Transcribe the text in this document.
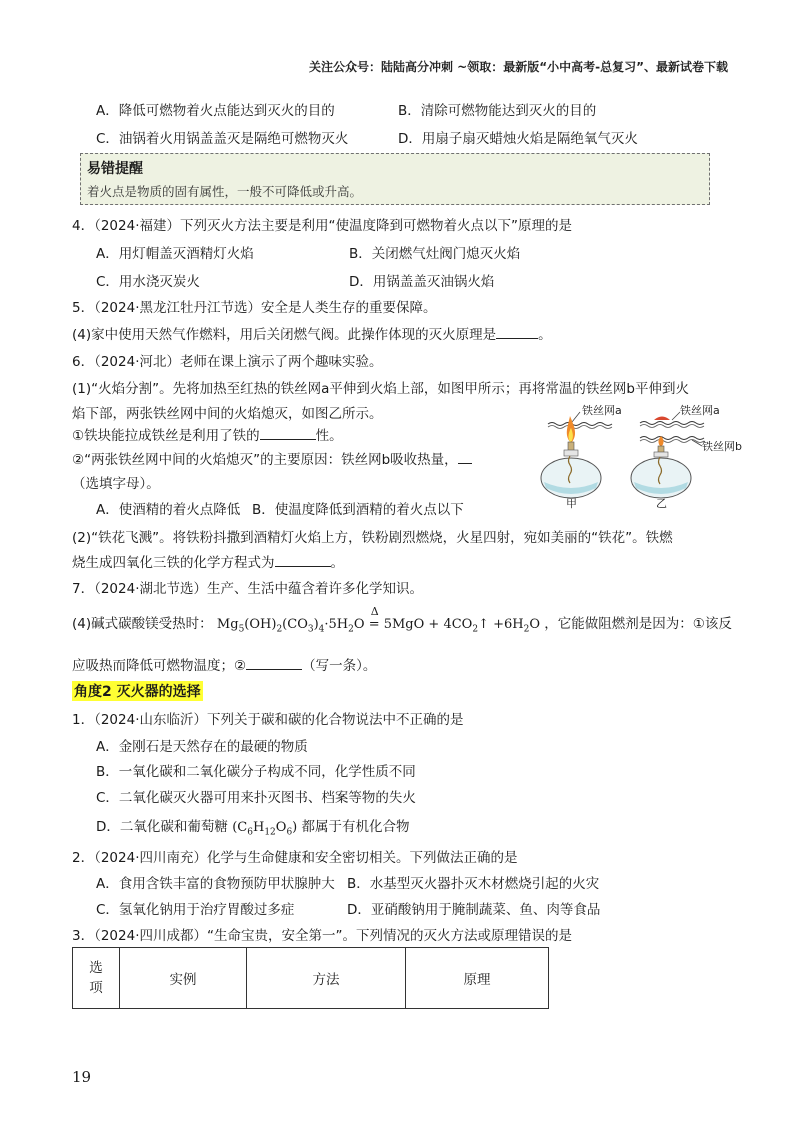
关注公众号：陆陆高分冲刺 ~领取：最新版“小中高考-总复习”、最新试卷下载
A．降低可燃物着火点能达到灭火的目的	B．清除可燃物能达到灭火的目的
C．油锅着火用锅盖盖灭是隔绝可燃物灭火	D．用扇子扇灭蜡烛火焰是隔绝氧气灭火
易错提醒
着火点是物质的固有属性，一般不可降低或升高。
4．（2024·福建）下列灭火方法主要是利用“使温度降到可燃物着火点以下”原理的是
A．用灯帽盖灭酒精灯火焰	B．关闭燃气灶阀门熄灭火焰
C．用水浇灭炭火	D．用锅盖盖灭油锅火焰
5．（2024·黑龙江牡丹江节选）安全是人类生存的重要保障。
(4)家中使用天然气作燃料，用后关闭燃气阀。此操作体现的灭火原理是	。
6．（2024·河北）老师在课上演示了两个趣味实验。
(1)“火焰分割”。先将加热至红热的铁丝网a平伸到火焰上部，如图甲所示；再将常温的铁丝网b平伸到火
焰下部，两张铁丝网中间的火焰熄灭，如图乙所示。
①铁块能拉成铁丝是利用了铁的	性。
②“两张铁丝网中间的火焰熄灭”的主要原因：铁丝网b吸收热量，
（选填字母）。
A．使酒精的着火点降低 B．使温度降低到酒精的着火点以下
(2)“铁花飞溅”。将铁粉抖撒到酒精灯火焰上方，铁粉剧烈燃烧，火星四射，宛如美丽的“铁花”。铁燃
烧生成四氧化三铁的化学方程式为	。
铁丝网a
甲
铁丝网a
铁丝网b
乙
7．（2024·湖北节选）生产、生活中蕴含着许多化学知识。
(4)碱式碳酸镁受热时： $Mg_5(OH)_2(CO_3)_4\cdot 5H_2O$
Δ
= $5MgO + 4CO_2↑ +6H_2O$ ，它能做阻燃剂是因为：①该反
应吸热而降低可燃物温度；②	（写一条）。
角度2 灭火器的选择
1．（2024·山东临沂）下列关于碳和碳的化合物说法中不正确的是
A．金刚石是天然存在的最硬的物质
B．一氧化碳和二氧化碳分子构成不同，化学性质不同
C．二氧化碳灭火器可用来扑灭图书、档案等物的失火
D．二氧化碳和葡萄糖 $(C_6H_{12}O_6)$ 都属于有机化合物
2．（2024·四川南充）化学与生命健康和安全密切相关。下列做法正确的是
A．食用含铁丰富的食物预防甲状腺肿大 B．水基型灭火器扑灭木材燃烧引起的火灾
C．氢氧化钠用于治疗胃酸过多症	D．亚硝酸钠用于腌制蔬菜、鱼、肉等食品
3．（2024·四川成都）“生命宝贵，安全第一”。下列情况的灭火方法或原理错误的是
选
项	实例	方法	原理
19
